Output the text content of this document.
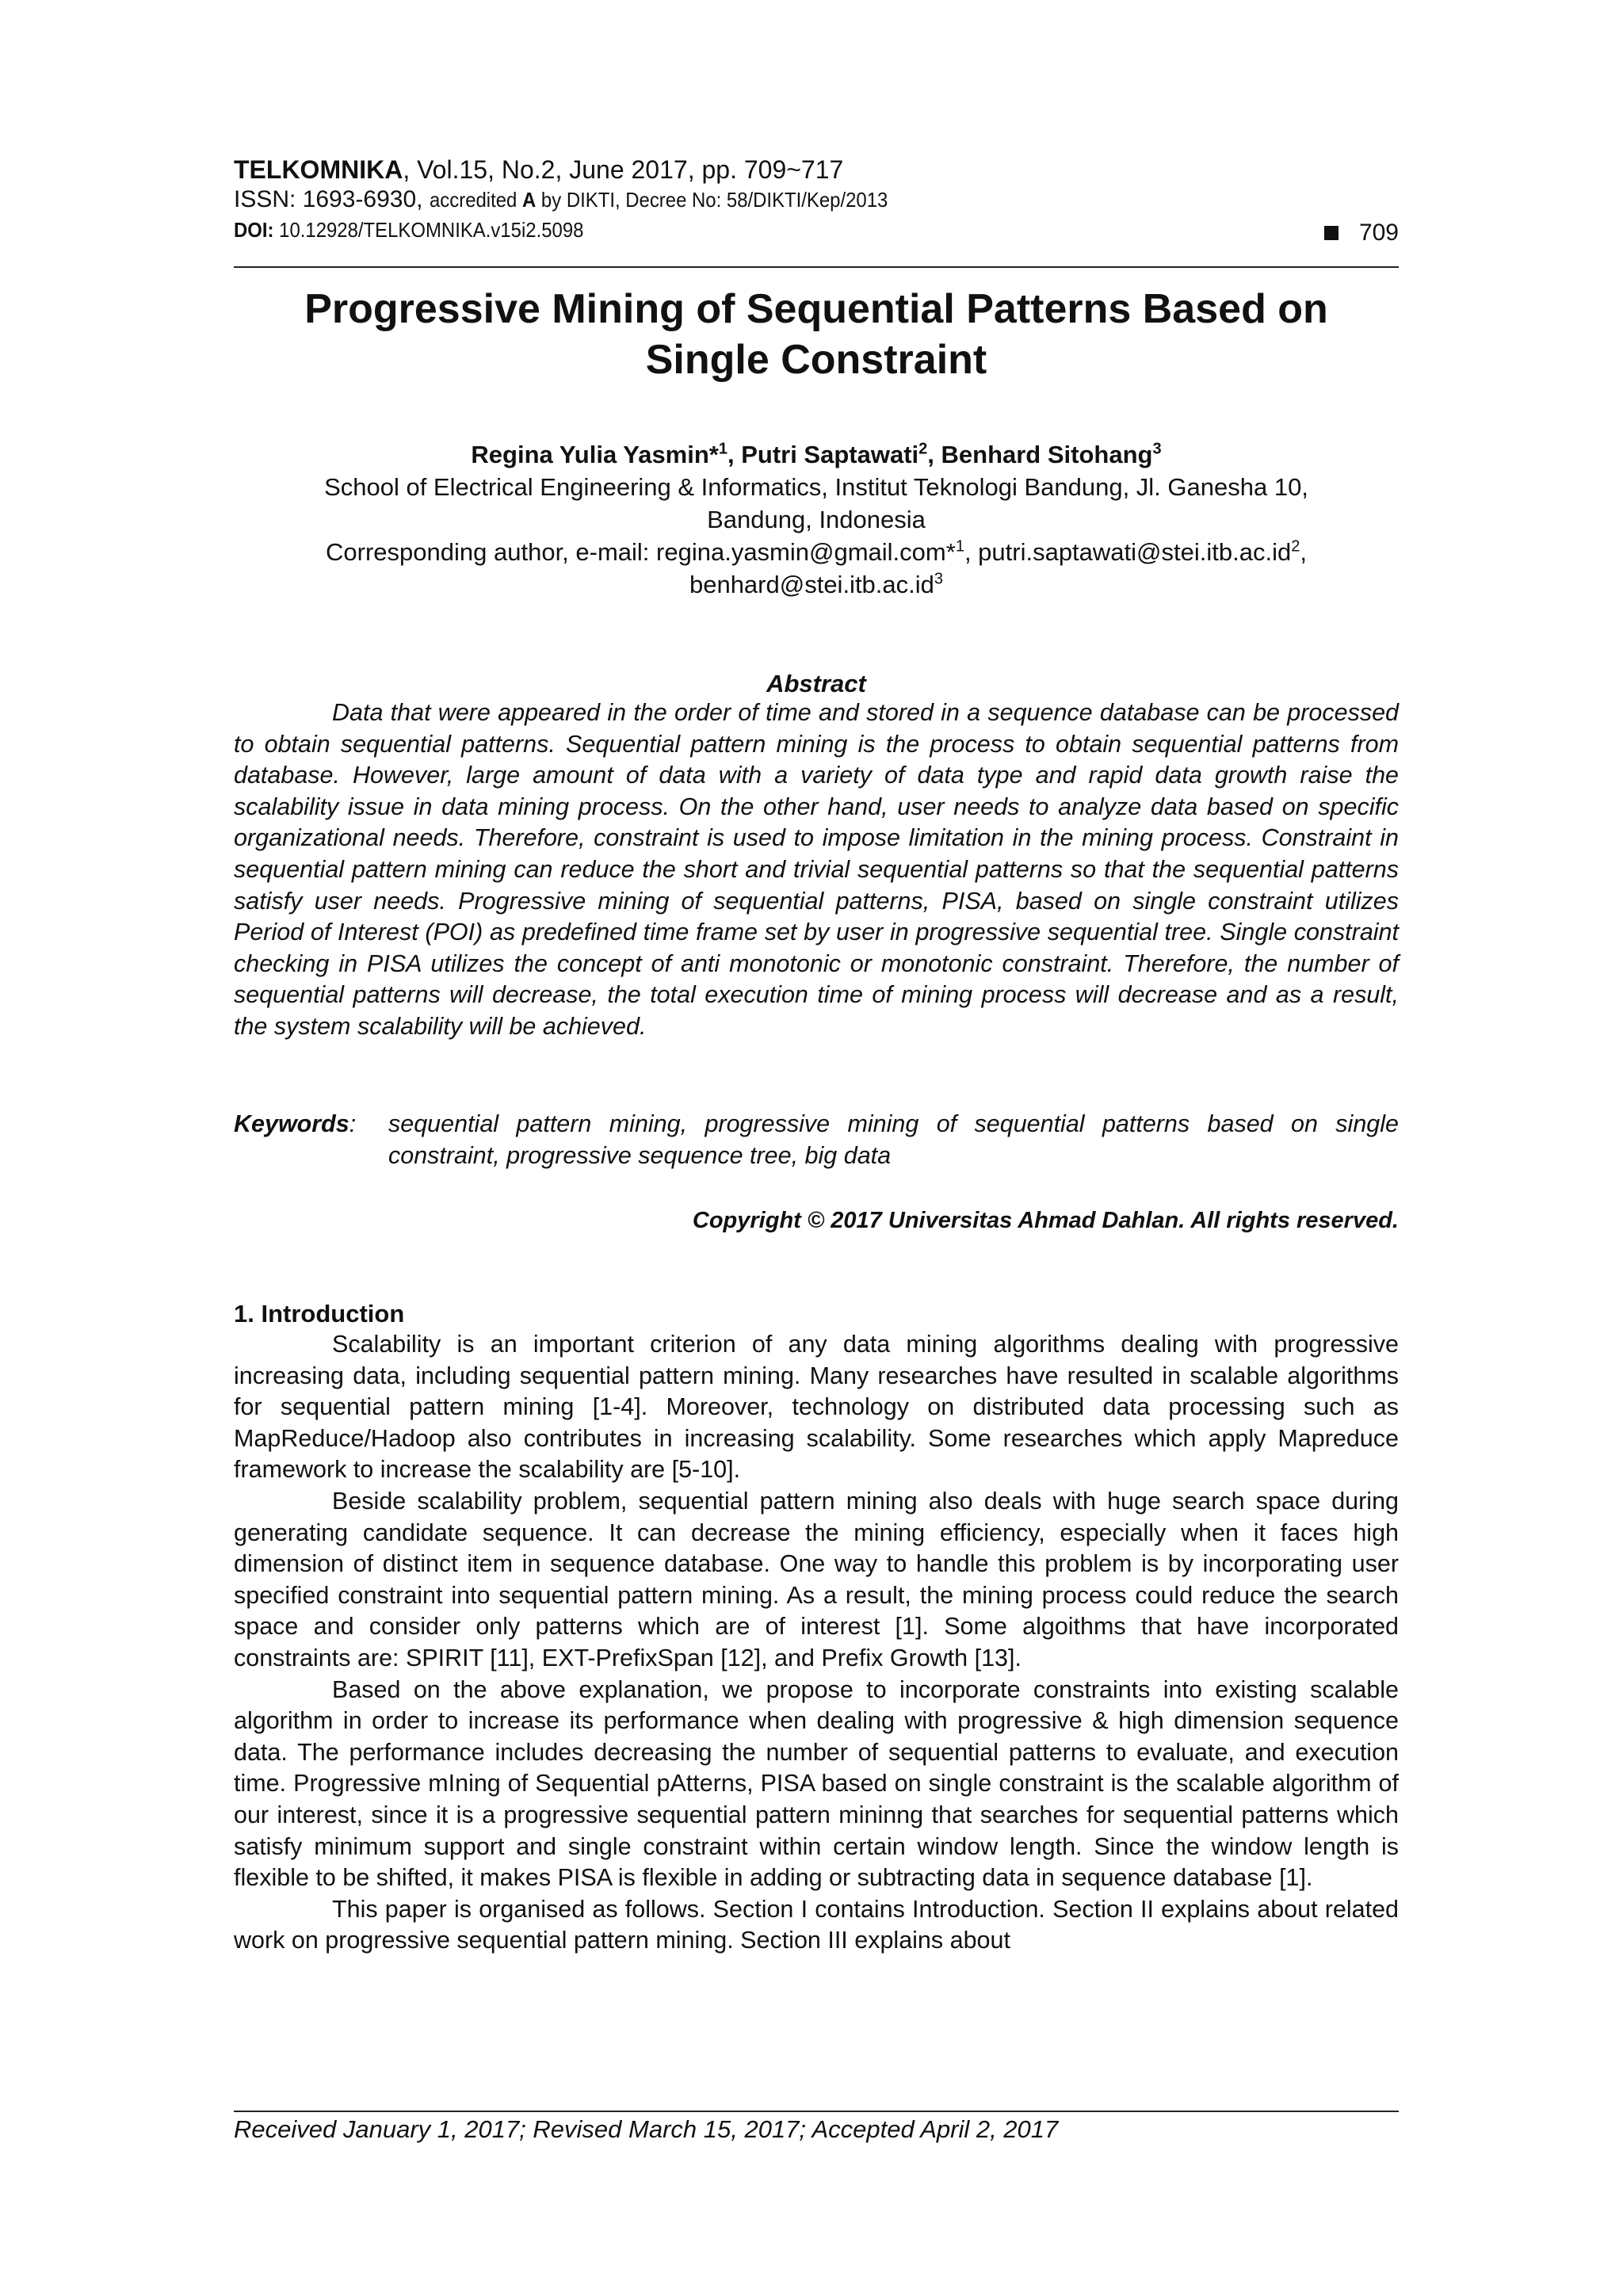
TELKOMNIKA, Vol.15, No.2, June 2017, pp. 709~717
ISSN: 1693-6930, accredited A by DIKTI, Decree No: 58/DIKTI/Kep/2013
DOI: 10.12928/TELKOMNIKA.v15i2.5098	709
Progressive Mining of Sequential Patterns Based on
Single Constraint
Regina Yulia Yasmin*$^1$, Putri Saptawati$^2$, Benhard Sitohang$^3$
School of Electrical Engineering & Informatics, Institut Teknologi Bandung, Jl. Ganesha 10,
Bandung, Indonesia
Corresponding author, e-mail: regina.yasmin@gmail.com*$^1$, $putri.saptawati@stei.itb.ac.id^2$,
$benhard@stei.itb.ac.id^3$
Abstract
Data that were appeared in the order of time and stored in a sequence database can be processed to obtain sequential patterns. Sequential pattern mining is the process to obtain sequential patterns from database. However, large amount of data with a variety of data type and rapid data growth raise the scalability issue in data mining process. On the other hand, user needs to analyze data based on specific organizational needs. Therefore, constraint is used to impose limitation in the mining process. Constraint in sequential pattern mining can reduce the short and trivial sequential patterns so that the sequential patterns satisfy user needs. Progressive mining of sequential patterns, PISA, based on single constraint utilizes Period of Interest (POI) as predefined time frame set by user in progressive sequential tree. Single constraint checking in PISA utilizes the concept of anti monotonic or monotonic constraint. Therefore, the number of sequential patterns will decrease, the total execution time of mining process will decrease and as a result, the system scalability will be achieved.
Keywords:	sequential pattern mining, progressive mining of sequential patterns based on single constraint, progressive sequence tree, big data
Copyright © 2017 Universitas Ahmad Dahlan. All rights reserved.
1. Introduction

Scalability is an important criterion of any data mining algorithms dealing with progressive increasing data, including sequential pattern mining. Many researches have resulted in scalable algorithms for sequential pattern mining [1-4]. Moreover, technology on distributed data processing such as MapReduce/Hadoop also contributes in increasing scalability. Some researches which apply Mapreduce framework to increase the scalability are [5-10].

Beside scalability problem, sequential pattern mining also deals with huge search space during generating candidate sequence. It can decrease the mining efficiency, especially when it faces high dimension of distinct item in sequence database. One way to handle this problem is by incorporating user specified constraint into sequential pattern mining. As a result, the mining process could reduce the search space and consider only patterns which are of interest [1]. Some algoithms that have incorporated constraints are: SPIRIT [11], EXT-PrefixSpan [12], and Prefix Growth [13].

Based on the above explanation, we propose to incorporate constraints into existing scalable algorithm in order to increase its performance when dealing with progressive & high dimension sequence data. The performance includes decreasing the number of sequential patterns to evaluate, and execution time. Progressive mIning of Sequential pAtterns, PISA based on single constraint is the scalable algorithm of our interest, since it is a progressive sequential pattern mininng that searches for sequential patterns which satisfy minimum support and single constraint within certain window length. Since the window length is flexible to be shifted, it makes PISA is flexible in adding or subtracting data in sequence database [1].

This paper is organised as follows. Section I contains Introduction. Section II explains about related work on progressive sequential pattern mining. Section III explains about

Received January 1, 2017; Revised March 15, 2017; Accepted April 2, 2017
